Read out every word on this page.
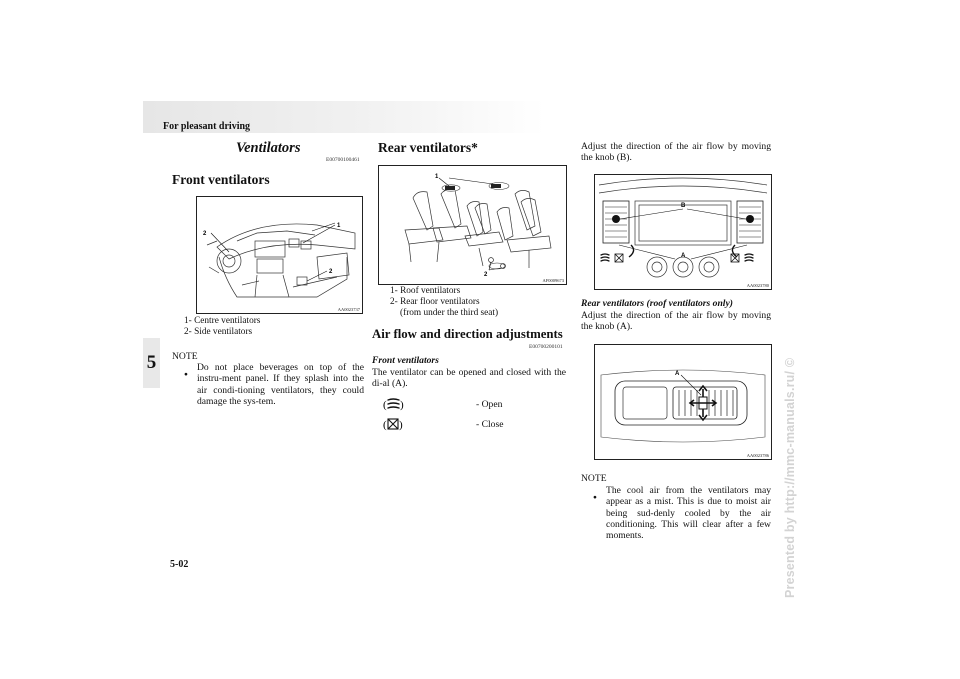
For pleasant driving
5
Ventilators
E00700100461
Front ventilators
1
2
2
AA0023737
1- Centre ventilators
2- Side ventilators
NOTE
●
Do not place beverages on top of the instru-ment panel. If they splash into the air condi-tioning ventilators, they could damage the sys-tem.
Rear ventilators*
1
2
AF0009673
1- Roof ventilators
2- Rear floor ventilators
(from under the third seat)
Air flow and direction adjustments
E00700200101
Front ventilators
The ventilator can be opened and closed with the di-al (A).
( )	- Open
( )	- Close
Adjust the direction of the air flow by moving the knob (B).
B
A
AA0023780
Rear ventilators (roof ventilators only)
Adjust the direction of the air flow by moving the knob (A).
A
AA0023786
NOTE
●
The cool air from the ventilators may appear as a mist. This is due to moist air being sud-denly cooled by the air conditioning. This will clear after a few moments.
5-02	Presented by http://mmc-manuals.ru/ ©
